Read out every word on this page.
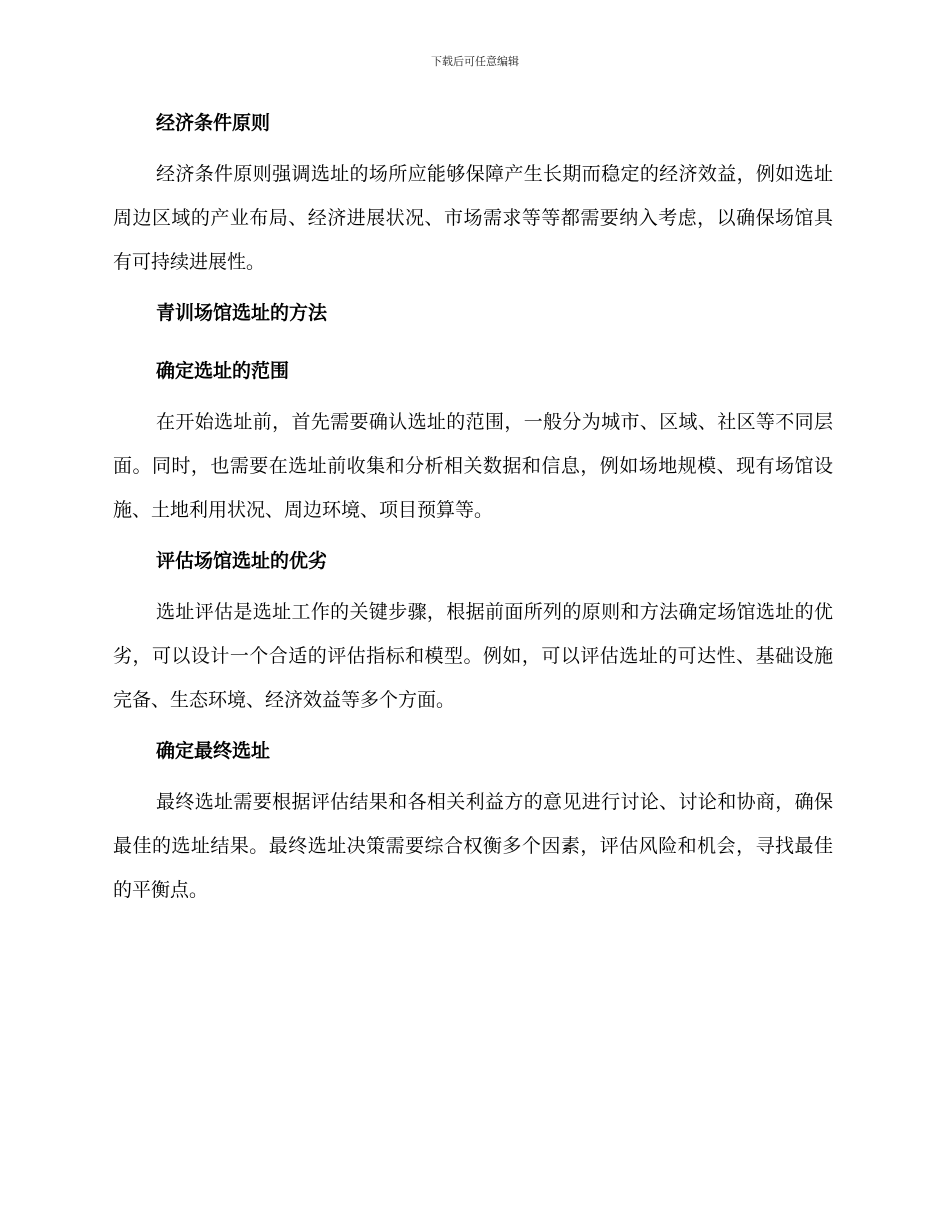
下载后可任意编辑
经济条件原则

经济条件原则强调选址的场所应能够保障产生长期而稳定的经济效益，例如选址周边区域的产业布局、经济进展状况、市场需求等等都需要纳入考虑，以确保场馆具有可持续进展性。

青训场馆选址的方法
确定选址的范围

在开始选址前，首先需要确认选址的范围，一般分为城市、区域、社区等不同层面。同时，也需要在选址前收集和分析相关数据和信息，例如场地规模、现有场馆设施、土地利用状况、周边环境、项目预算等。

评估场馆选址的优劣

选址评估是选址工作的关键步骤，根据前面所列的原则和方法确定场馆选址的优劣，可以设计一个合适的评估指标和模型。例如，可以评估选址的可达性、基础设施完备、生态环境、经济效益等多个方面。

确定最终选址

最终选址需要根据评估结果和各相关利益方的意见进行讨论、讨论和协商，确保最佳的选址结果。最终选址决策需要综合权衡多个因素，评估风险和机会，寻找最佳的平衡点。
